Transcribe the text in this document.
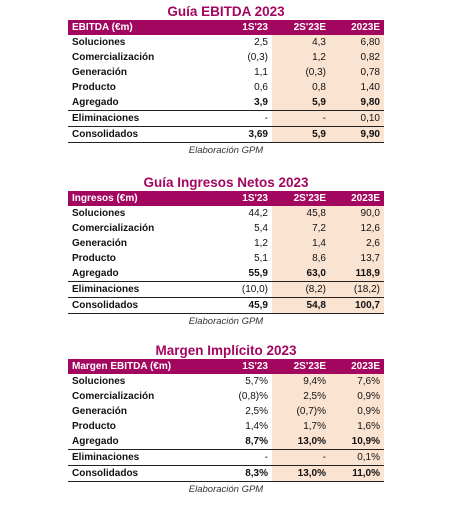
Guía EBITDA 2023
EBITDA (€m)	1S'23	2S'23E	2023E
Soluciones	2,5	4,3	6,80
Comercialización	(0,3)	1,2	0,82
Generación	1,1	(0,3)	0,78
Producto	0,6	0,8	1,40
Agregado	3,9	5,9	9,80
Eliminaciones	-	-	0,10
Consolidados	3,69	5,9	9,90
Elaboración GPM
Guía Ingresos Netos 2023
Ingresos (€m)	1S'23	2S'23E	2023E
Soluciones	44,2	45,8	90,0
Comercialización	5,4	7,2	12,6
Generación	1,2	1,4	2,6
Producto	5,1	8,6	13,7
Agregado	55,9	63,0	118,9
Eliminaciones	(10,0)	(8,2)	(18,2)
Consolidados	45,9	54,8	100,7
Elaboración GPM
Margen Implícito 2023
Margen EBITDA (€m)	1S'23	2S'23E	2023E
Soluciones	5,7%	9,4%	7,6%
Comercialización	(0,8)%	2,5%	0,9%
Generación	2,5%	(0,7)%	0,9%
Producto	1,4%	1,7%	1,6%
Agregado	8,7%	13,0%	10,9%
Eliminaciones	-	-	0,1%
Consolidados	8,3%	13,0%	11,0%
Elaboración GPM
